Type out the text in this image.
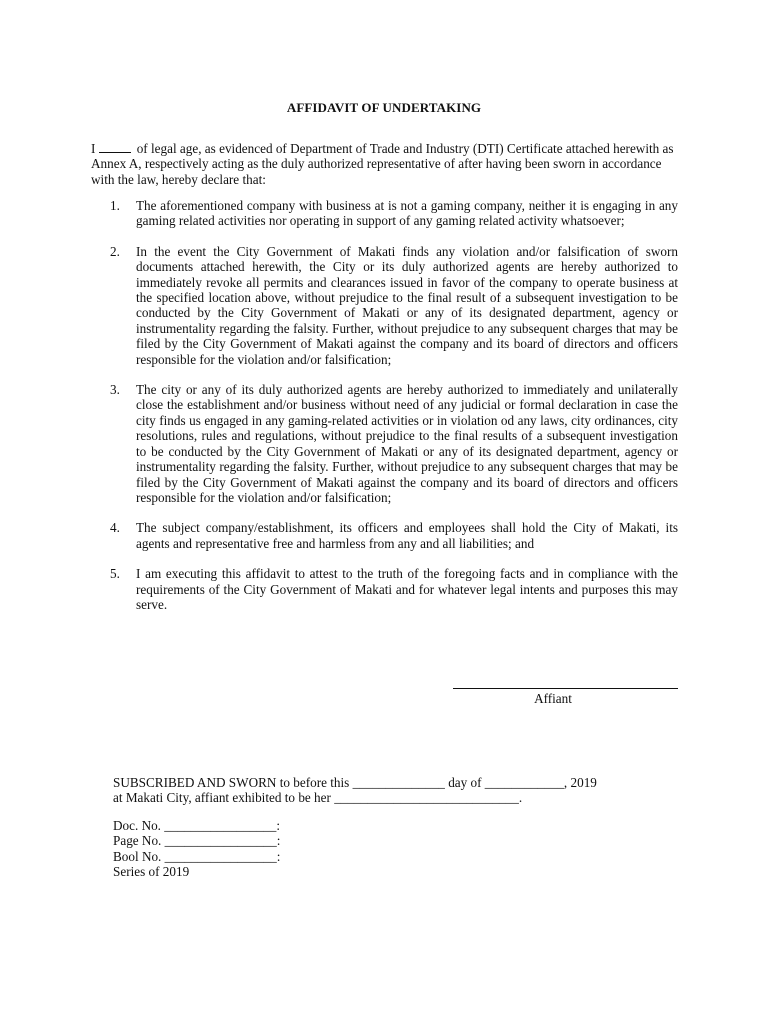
AFFIDAVIT OF UNDERTAKING
I	of legal age, as evidenced of Department of Trade and Industry (DTI) Certificate attached herewith as Annex A, respectively acting as the duly authorized representative of after having been sworn in accordance with the law, hereby declare that:
1. The aforementioned company with business at is not a gaming company, neither it is engaging in any gaming related activities nor operating in support of any gaming related activity whatsoever;
2. In the event the City Government of Makati finds any violation and/or falsification of sworn documents attached herewith, the City or its duly authorized agents are hereby authorized to immediately revoke all permits and clearances issued in favor of the company to operate business at the specified location above, without prejudice to the final result of a subsequent investigation to be conducted by the City Government of Makati or any of its designated department, agency or instrumentality regarding the falsity. Further, without prejudice to any subsequent charges that may be filed by the City Government of Makati against the company and its board of directors and officers responsible for the violation and/or falsification;
3. The city or any of its duly authorized agents are hereby authorized to immediately and unilaterally close the establishment and/or business without need of any judicial or formal declaration in case the city finds us engaged in any gaming-related activities or in violation od any laws, city ordinances, city resolutions, rules and regulations, without prejudice to the final results of a subsequent investigation to be conducted by the City Government of Makati or any of its designated department, agency or instrumentality regarding the falsity. Further, without prejudice to any subsequent charges that may be filed by the City Government of Makati against the company and its board of directors and officers responsible for the violation and/or falsification;
4. The subject company/establishment, its officers and employees shall hold the City of Makati, its agents and representative free and harmless from any and all liabilities; and
5. I am executing this affidavit to attest to the truth of the foregoing facts and in compliance with the requirements of the City Government of Makati and for whatever legal intents and purposes this may serve.
Affiant
SUBSCRIBED AND SWORN to before this ______________ day of ____________, 2019
at Makati City, affiant exhibited to be her ____________________________.
Doc. No. _________________:
Page No. _________________:
Bool No. _________________:
Series of 2019
